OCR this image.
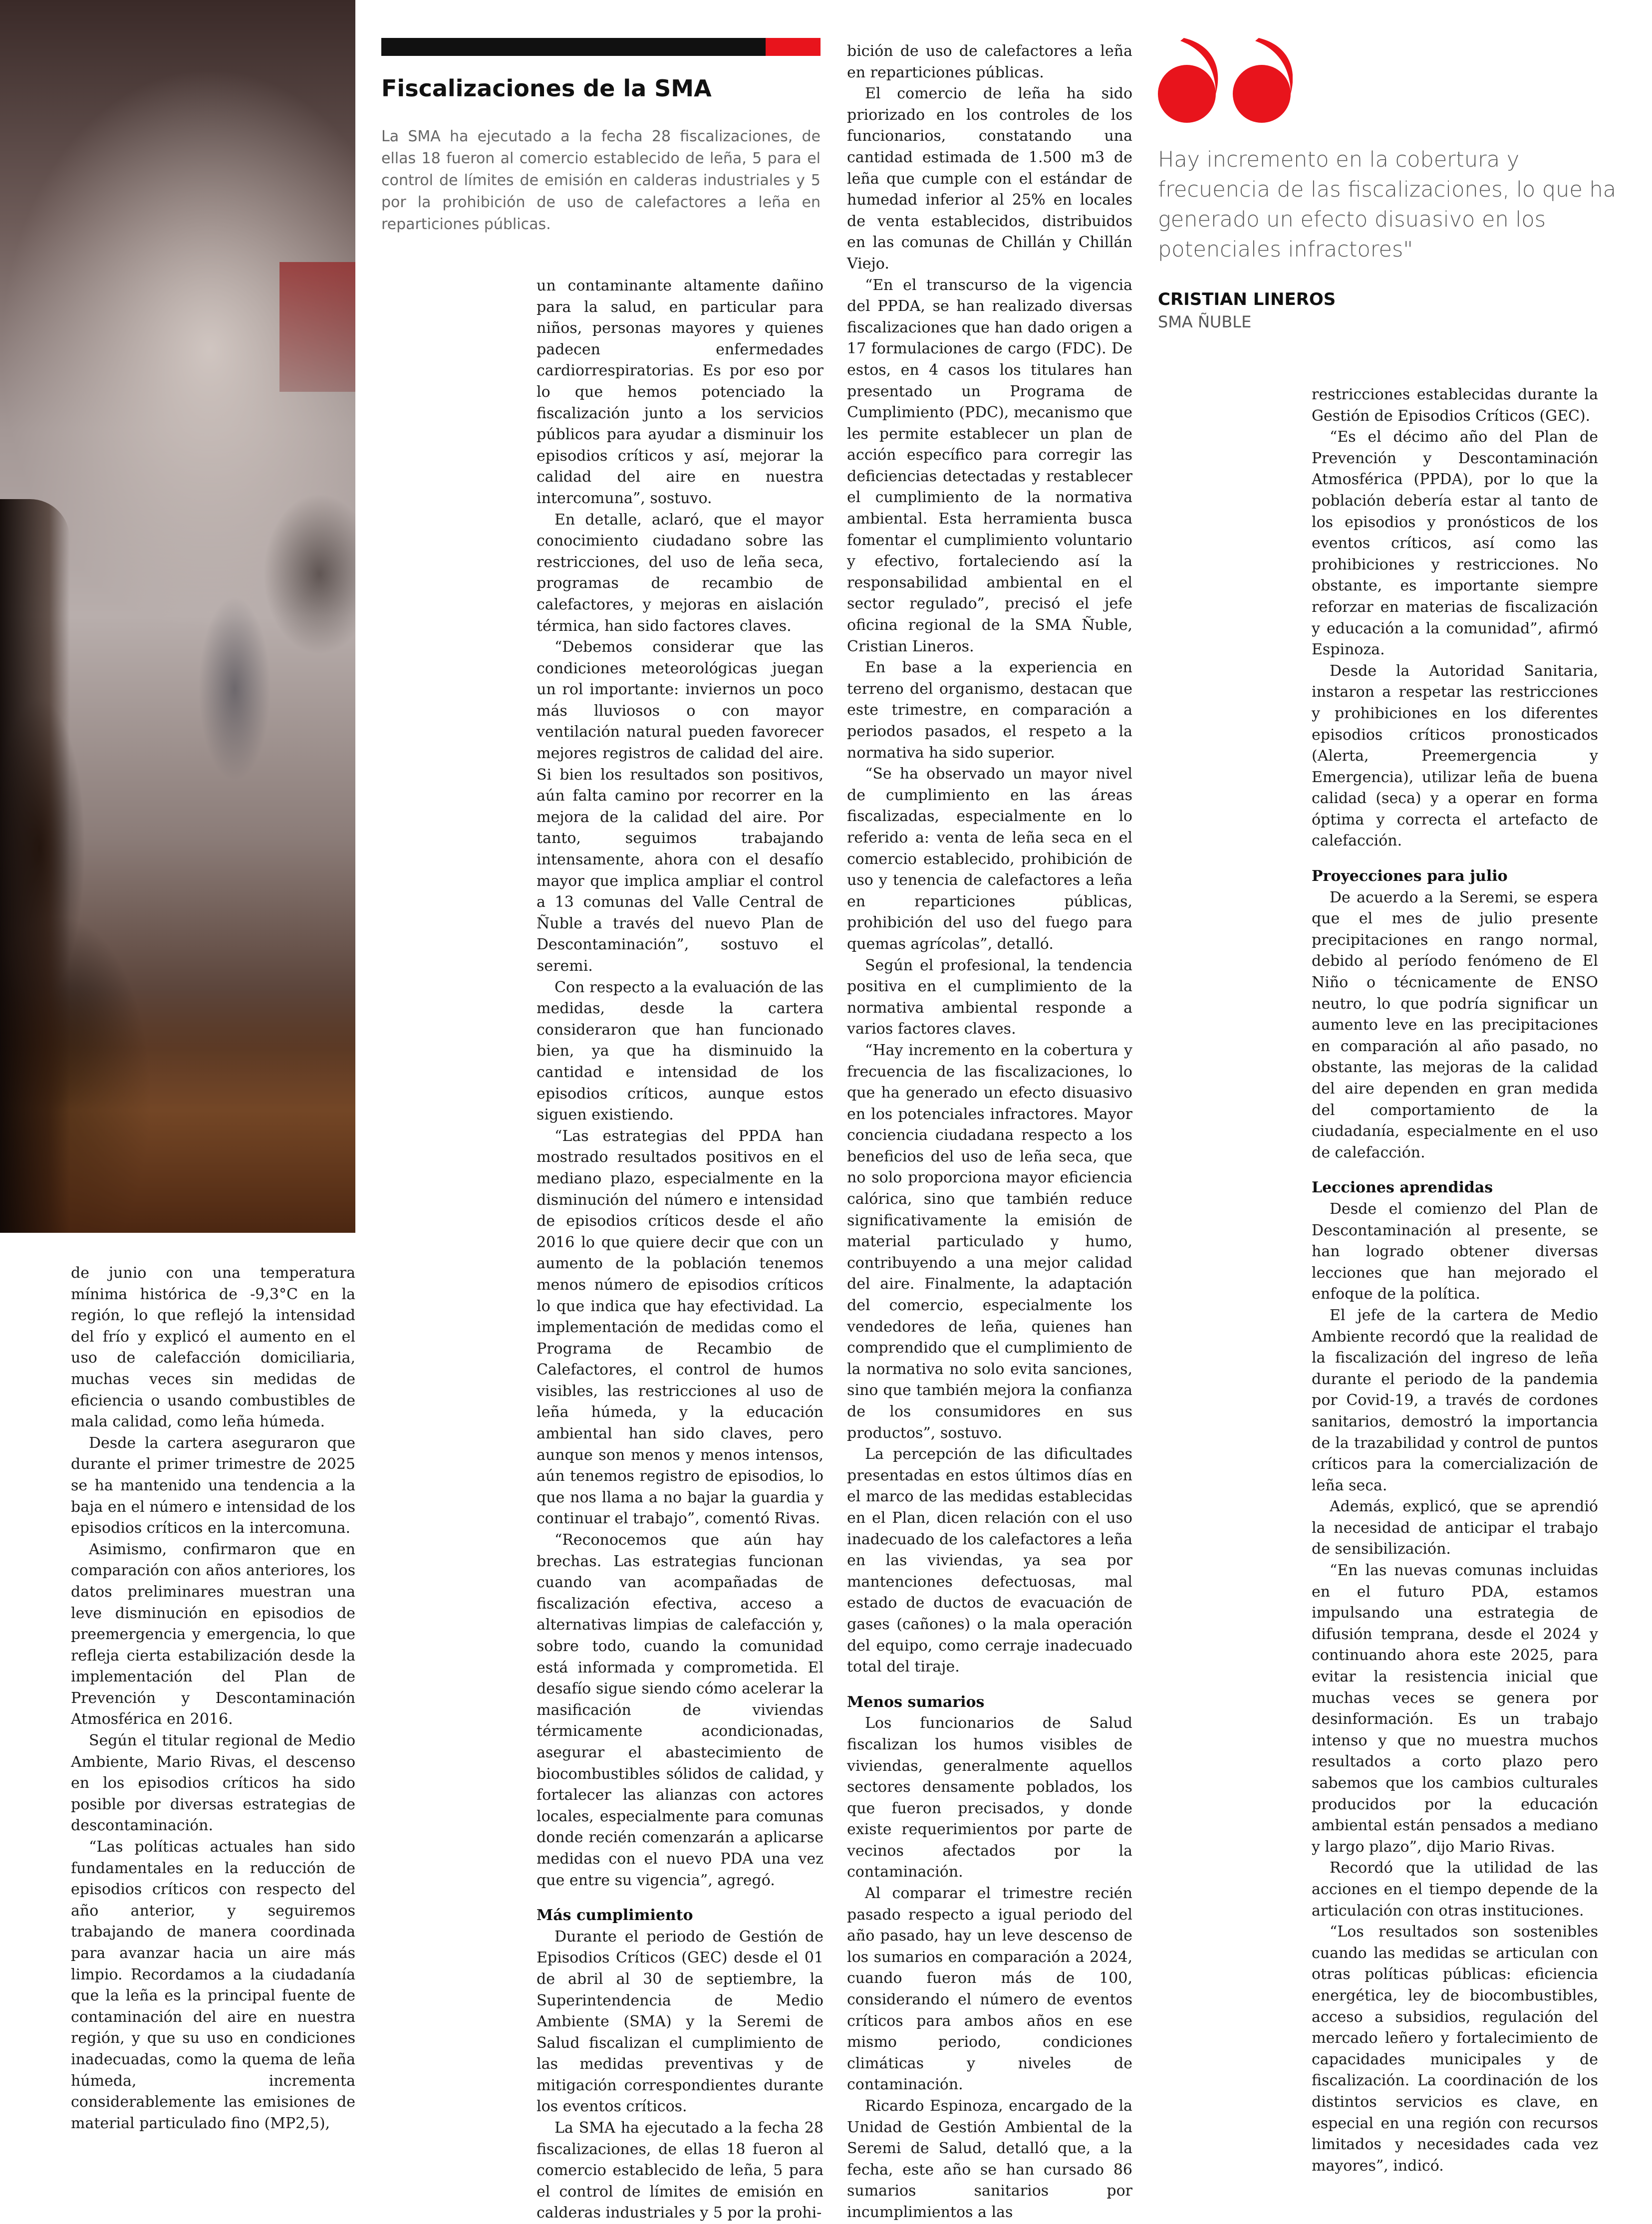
Fiscalizaciones de la SMA

La SMA ha ejecutado a la fecha 28 fiscalizaciones, de ellas 18 fueron al comercio establecido de leña, 5 para el control de límites de emisión en calderas industriales y 5 por la prohibición de uso de calefactores a leña en reparticiones públicas.

Hay incremento en la cobertura y frecuencia de las fiscalizaciones, lo que ha generado un efecto disuasivo en los potenciales infractores"

CRISTIAN LINEROS

SMA ÑUBLE

de junio con una temperatura mínima histórica de -9,3°C en la región, lo que reflejó la intensidad del frío y explicó el aumento en el uso de calefacción domiciliaria, muchas veces sin medidas de eficiencia o usando combustibles de mala calidad, como leña húmeda.

Desde la cartera aseguraron que durante el primer trimestre de 2025 se ha mantenido una tendencia a la baja en el número e intensidad de los episodios críticos en la intercomuna.

Asimismo, confirmaron que en comparación con años anteriores, los datos preliminares muestran una leve disminución en episodios de preemergencia y emergencia, lo que refleja cierta estabilización desde la implementación del Plan de Prevención y Descontaminación Atmosférica en 2016.

Según el titular regional de Medio Ambiente, Mario Rivas, el descenso en los episodios críticos ha sido posible por diversas estrategias de descontaminación.

“Las políticas actuales han sido fundamentales en la reducción de episodios críticos con respecto del año anterior, y seguiremos trabajando de manera coordinada para avanzar hacia un aire más limpio. Recordamos a la ciudadanía que la leña es la principal fuente de contaminación del aire en nuestra región, y que su uso en condiciones inadecuadas, como la quema de leña húmeda, incrementa considerablemente las emisiones de material particulado fino (MP2,5),

un contaminante altamente dañino para la salud, en particular para niños, personas mayores y quienes padecen enfermedades cardiorrespiratorias. Es por eso por lo que hemos potenciado la fiscalización junto a los servicios públicos para ayudar a disminuir los episodios críticos y así, mejorar la calidad del aire en nuestra intercomuna”, sostuvo.

En detalle, aclaró, que el mayor conocimiento ciudadano sobre las restricciones, del uso de leña seca, programas de recambio de calefactores, y mejoras en aislación térmica, han sido factores claves.

“Debemos considerar que las condiciones meteorológicas juegan un rol importante: inviernos un poco más lluviosos o con mayor ventilación natural pueden favorecer mejores registros de calidad del aire. Si bien los resultados son positivos, aún falta camino por recorrer en la mejora de la calidad del aire. Por tanto, seguimos trabajando intensamente, ahora con el desafío mayor que implica ampliar el control a 13 comunas del Valle Central de Ñuble a través del nuevo Plan de Descontaminación”, sostuvo el seremi.

Con respecto a la evaluación de las medidas, desde la cartera consideraron que han funcionado bien, ya que ha disminuido la cantidad e intensidad de los episodios críticos, aunque estos siguen existiendo.

“Las estrategias del PPDA han mostrado resultados positivos en el mediano plazo, especialmente en la disminución del número e intensidad de episodios críticos desde el año 2016 lo que quiere decir que con un aumento de la población tenemos menos número de episodios críticos lo que indica que hay efectividad. La implementación de medidas como el Programa de Recambio de Calefactores, el control de humos visibles, las restricciones al uso de leña húmeda, y la educación ambiental han sido claves, pero aunque son menos y menos intensos, aún tenemos registro de episodios, lo que nos llama a no bajar la guardia y continuar el trabajo”, comentó Rivas.

“Reconocemos que aún hay brechas. Las estrategias funcionan cuando van acompañadas de fiscalización efectiva, acceso a alternativas limpias de calefacción y, sobre todo, cuando la comunidad está informada y comprometida. El desafío sigue siendo cómo acelerar la masificación de viviendas térmicamente acondicionadas, asegurar el abastecimiento de biocombustibles sólidos de calidad, y fortalecer las alianzas con actores locales, especialmente para comunas donde recién comenzarán a aplicarse medidas con el nuevo PDA una vez que entre su vigencia”, agregó.

Más cumplimiento

Durante el periodo de Gestión de Episodios Críticos (GEC) desde el 01 de abril al 30 de septiembre, la Superintendencia de Medio Ambiente (SMA) y la Seremi de Salud fiscalizan el cumplimiento de las medidas preventivas y de mitigación correspondientes durante los eventos críticos.

La SMA ha ejecutado a la fecha 28 fiscalizaciones, de ellas 18 fueron al comercio establecido de leña, 5 para el control de límites de emisión en calderas industriales y 5 por la prohi-

bición de uso de calefactores a leña en reparticiones públicas.

El comercio de leña ha sido priorizado en los controles de los funcionarios, constatando una cantidad estimada de 1.500 m3 de leña que cumple con el estándar de humedad inferior al 25% en locales de venta establecidos, distribuidos en las comunas de Chillán y Chillán Viejo.

“En el transcurso de la vigencia del PPDA, se han realizado diversas fiscalizaciones que han dado origen a 17 formulaciones de cargo (FDC). De estos, en 4 casos los titulares han presentado un Programa de Cumplimiento (PDC), mecanismo que les permite establecer un plan de acción específico para corregir las deficiencias detectadas y restablecer el cumplimiento de la normativa ambiental. Esta herramienta busca fomentar el cumplimiento voluntario y efectivo, fortaleciendo así la responsabilidad ambiental en el sector regulado”, precisó el jefe oficina regional de la SMA Ñuble, Cristian Lineros.

En base a la experiencia en terreno del organismo, destacan que este trimestre, en comparación a periodos pasados, el respeto a la normativa ha sido superior.

“Se ha observado un mayor nivel de cumplimiento en las áreas fiscalizadas, especialmente en lo referido a: venta de leña seca en el comercio establecido, prohibición de uso y tenencia de calefactores a leña en reparticiones públicas, prohibición del uso del fuego para quemas agrícolas”, detalló.

Según el profesional, la tendencia positiva en el cumplimiento de la normativa ambiental responde a varios factores claves.

“Hay incremento en la cobertura y frecuencia de las fiscalizaciones, lo que ha generado un efecto disuasivo en los potenciales infractores. Mayor conciencia ciudadana respecto a los beneficios del uso de leña seca, que no solo proporciona mayor eficiencia calórica, sino que también reduce significativamente la emisión de material particulado y humo, contribuyendo a una mejor calidad del aire. Finalmente, la adaptación del comercio, especialmente los vendedores de leña, quienes han comprendido que el cumplimiento de la normativa no solo evita sanciones, sino que también mejora la confianza de los consumidores en sus productos”, sostuvo.

La percepción de las dificultades presentadas en estos últimos días en el marco de las medidas establecidas en el Plan, dicen relación con el uso inadecuado de los calefactores a leña en las viviendas, ya sea por mantenciones defectuosas, mal estado de ductos de evacuación de gases (cañones) o la mala operación del equipo, como cerraje inadecuado total del tiraje.

Menos sumarios

Los funcionarios de Salud fiscalizan los humos visibles de viviendas, generalmente aquellos sectores densamente poblados, los que fueron precisados, y donde existe requerimientos por parte de vecinos afectados por la contaminación.

Al comparar el trimestre recién pasado respecto a igual periodo del año pasado, hay un leve descenso de los sumarios en comparación a 2024, cuando fueron más de 100, considerando el número de eventos críticos para ambos años en ese mismo periodo, condiciones climáticas y niveles de contaminación.

Ricardo Espinoza, encargado de la Unidad de Gestión Ambiental de la Seremi de Salud, detalló que, a la fecha, este año se han cursado 86 sumarios sanitarios por incumplimientos a las

restricciones establecidas durante la Gestión de Episodios Críticos (GEC).

“Es el décimo año del Plan de Prevención y Descontaminación Atmosférica (PPDA), por lo que la población debería estar al tanto de los episodios y pronósticos de los eventos críticos, así como las prohibiciones y restricciones. No obstante, es importante siempre reforzar en materias de fiscalización y educación a la comunidad”, afirmó Espinoza.

Desde la Autoridad Sanitaria, instaron a respetar las restricciones y prohibiciones en los diferentes episodios críticos pronosticados (Alerta, Preemergencia y Emergencia), utilizar leña de buena calidad (seca) y a operar en forma óptima y correcta el artefacto de calefacción.

Proyecciones para julio

De acuerdo a la Seremi, se espera que el mes de julio presente precipitaciones en rango normal, debido al período fenómeno de El Niño o técnicamente de ENSO neutro, lo que podría significar un aumento leve en las precipitaciones en comparación al año pasado, no obstante, las mejoras de la calidad del aire dependen en gran medida del comportamiento de la ciudadanía, especialmente en el uso de calefacción.

Lecciones aprendidas

Desde el comienzo del Plan de Descontaminación al presente, se han logrado obtener diversas lecciones que han mejorado el enfoque de la política.

El jefe de la cartera de Medio Ambiente recordó que la realidad de la fiscalización del ingreso de leña durante el periodo de la pandemia por Covid-19, a través de cordones sanitarios, demostró la importancia de la trazabilidad y control de puntos críticos para la comercialización de leña seca.

Además, explicó, que se aprendió la necesidad de anticipar el trabajo de sensibilización.

“En las nuevas comunas incluidas en el futuro PDA, estamos impulsando una estrategia de difusión temprana, desde el 2024 y continuando ahora este 2025, para evitar la resistencia inicial que muchas veces se genera por desinformación. Es un trabajo intenso y que no muestra muchos resultados a corto plazo pero sabemos que los cambios culturales producidos por la educación ambiental están pensados a mediano y largo plazo”, dijo Mario Rivas.

Recordó que la utilidad de las acciones en el tiempo depende de la articulación con otras instituciones.

“Los resultados son sostenibles cuando las medidas se articulan con otras políticas públicas: eficiencia energética, ley de biocombustibles, acceso a subsidios, regulación del mercado leñero y fortalecimiento de capacidades municipales y de fiscalización. La coordinación de los distintos servicios es clave, en especial en una región con recursos limitados y necesidades cada vez mayores”, indicó.
